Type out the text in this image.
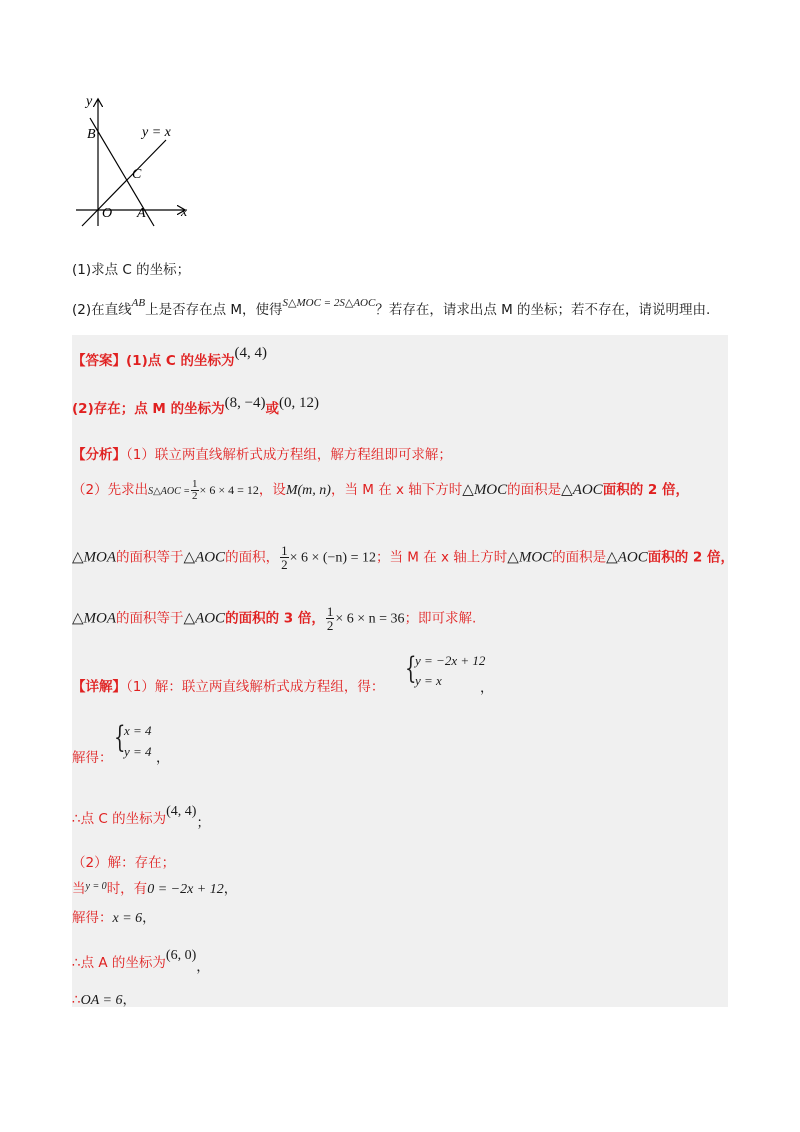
y
x
B
C
O A
y = x
(1)求点 C 的坐标；
(2)在直线$^{AB}$上是否存在点 M，使得$^{S\triangle MOC = 2S\triangle AOC}$？若存在，请求出点 M 的坐标；若不存在，请说明理由.
【答案】(1)点 C 的坐标为(4, 4)
(2)存在；点 M 的坐标为(8, −4)或(0, 12)
【分析】（1）联立两直线解析式成方程组，解方程组即可求解；
（2）先求出S△AOC = $\frac{1}{2} \times 6 \times 4 = 12$，设M(m, n)，当 M 在 x 轴下方时△MOC的面积是△AOC面积的 2 倍，
△MOA的面积等于△AOC的面积， $\frac{1}{2} \times 6 \times (-n) = 12$；当 M 在 x 轴上方时△MOC的面积是△AOC面积的 2 倍，
△MOA的面积等于△AOC的面积的 3 倍， $\frac{1}{2} \times 6 \times n = 36$；即可求解.
【详解】（1）解：联立两直线解析式成方程组，得：
{
y = −2x + 12
y = x	，
解得：
{
x = 4
y = 4 ，
∴点 C 的坐标为(4, 4)；
（2）解：存在；
当$^{y = 0}$时，有0 = −2x + 12，
解得：x = 6，
∴点 A 的坐标为(6, 0)，
∴OA = 6，
